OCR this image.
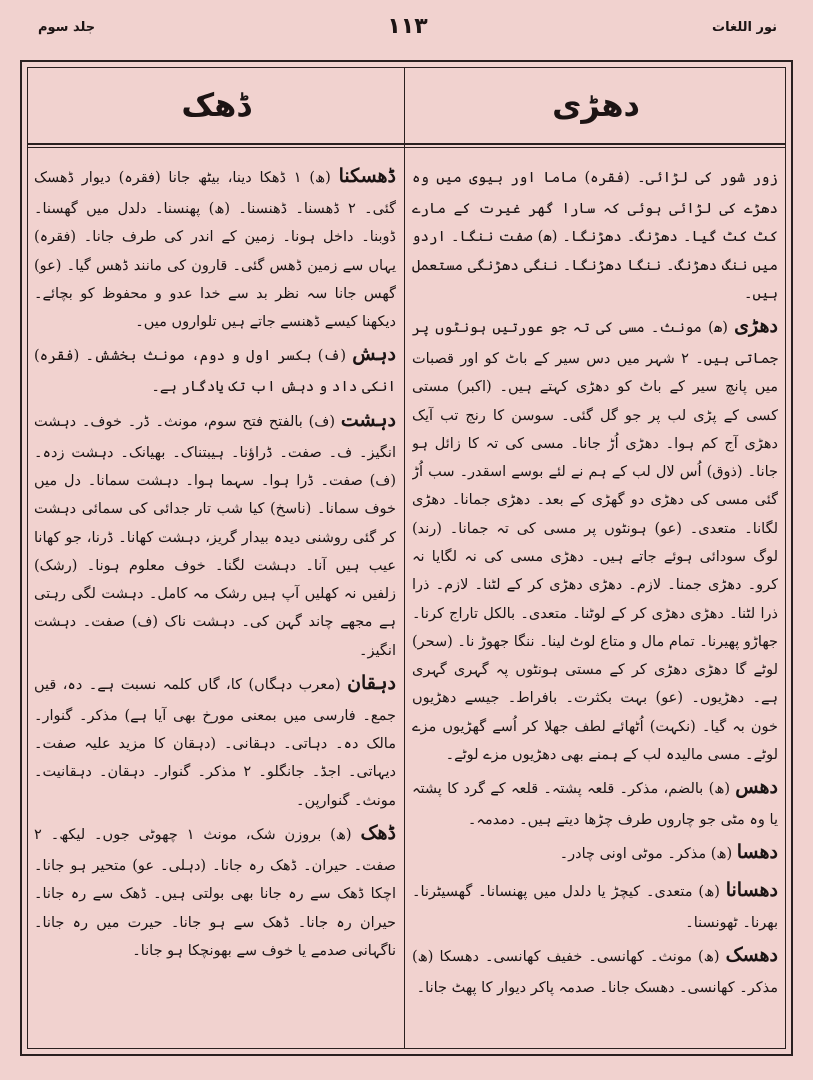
جلد سوم	۱۱۳	نور اللغات
ڈھک	دھڑی

زور شور کی لڑائی۔ (فقرہ) ماما اور بیوی میں وہ دھڑے کی لڑائی ہوئی کہ سارا گھر غیرت کے مارے کٹ کٹ گیا۔ دھڑنگ۔ دھڑنگا۔ (ھ) صفت ننگا۔ اردو میں ننگ دھڑنگ۔ ننگا دھڑنگا۔ ننگی دھڑنگی مستعمل ہیں۔

دھڑی (ھ) مونث۔ مسی کی تہ جو عورتیں ہونٹوں پر جماتی ہیں۔ ۲ شہر میں دس سیر کے باٹ کو اور قصبات میں پانچ سیر کے باٹ کو دھڑی کہتے ہیں۔ (اکبر) مستی کسی کے پڑی لب پر جو گل گئی۔ سوسن کا رنج تب آیک دھڑی آج کم ہوا۔ دھڑی اُڑ جانا۔ مسی کی تہ کا زائل ہو جانا۔ (ذوق) اُس لال لب کے ہم نے لئے بوسے اسقدر۔ سب اُڑ گئی مسی کی دھڑی دو گھڑی کے بعد۔ دھڑی جمانا۔ دھڑی لگانا۔ متعدی۔ (عو) ہونٹوں پر مسی کی تہ جمانا۔ (رند) لوگ سودائی ہوئے جاتے ہیں۔ دھڑی مسی کی نہ لگایا نہ کرو۔ دھڑی جمنا۔ لازم۔ دھڑی دھڑی کر کے لٹنا۔ لازم۔ ذرا ذرا لٹنا۔ دھڑی دھڑی کر کے لوٹنا۔ متعدی۔ بالکل تاراج کرنا۔ جھاڑو پھیرنا۔ تمام مال و متاع لوٹ لینا۔ ننگا جھوڑ نا۔ (سحر) لوٹے گا دھڑی دھڑی کر کے مستی ہونٹوں پہ گہری گہری ہے۔ دھڑیوں۔ (عو) بہت بکثرت۔ بافراط۔ جیسے دھڑیوں خون بہ گیا۔ (نکہت) اُٹھائے لطف جھلا کر اُسے گھڑیوں مزے لوٹے۔ مسی مالیدہ لب کے ہمنے بھی دھڑیوں مزے لوٹے۔

دھس (ھ) بالضم، مذکر۔ قلعہ پشتہ۔ قلعہ کے گرد کا پشتہ یا وہ مٹی جو چاروں طرف چڑھا دیتے ہیں۔ دمدمہ۔

دھسا (ھ) مذکر۔ موٹی اونی چادر۔

دھسانا (ھ) متعدی۔ کیچڑ یا دلدل میں پھنسانا۔ گھسیٹرنا۔ بھرنا۔ ٹھونسنا۔

دھسک (ھ) مونث۔ کھانسی۔ خفیف کھانسی۔ دھسکا (ھ) مذکر۔ کھانسی۔ دھسک جانا۔ صدمہ پاکر دیوار کا پھٹ جانا۔

ڈھسکنا (ھ) ۱ ڈھکا دینا، بیٹھ جانا (فقرہ) دیوار ڈھسک گئی۔ ۲ ڈھسنا۔ ڈھنسنا۔ (ھ) پھنسنا۔ دلدل میں گھسنا۔ ڈوبنا۔ داخل ہونا۔ زمین کے اندر کی طرف جانا۔ (فقرہ) یہاں سے زمین ڈھس گئی۔ قارون کی مانند ڈھس گیا۔ (عو) گھس جانا سہ نظر بد سے خدا عدو و محفوظ کو بچائے۔ دیکھنا کیسے ڈھنسے جاتے ہیں تلواروں میں۔

دہش (ف) بکسر اول و دوم، مونث بخشش۔ (فقرہ) انکی داد و دہش اب تک یادگار ہے۔

دہشت (ف) بالفتح فتح سوم، مونث۔ ڈر۔ خوف۔ دہشت انگیز۔ ف۔ صفت۔ ڈراؤنا۔ ہیبتناک۔ بھیانک۔ دہشت زدہ۔ (ف) صفت۔ ڈرا ہوا۔ سہما ہوا۔ دہشت سمانا۔ دل میں خوف سمانا۔ (ناسخ) کیا شب تار جدائی کی سمائی دہشت کر گئی روشنی دیدہ بیدار گریز، دہشت کھانا۔ ڈرنا، جو کھانا عیب ہیں آنا۔ دہشت لگنا۔ خوف معلوم ہونا۔ (رشک) زلفیں نہ کھلیں آپ ہیں رشک مہ کامل۔ دہشت لگی رہتی ہے مجھے چاند گہن کی۔ دہشت ناک (ف) صفت۔ دہشت انگیز۔

دہقان (معرب دہگاں) کا، گاں کلمہ نسبت ہے۔ دہ، قیں جمع۔ فارسی میں بمعنی مورخ بھی آیا ہے) مذکر۔ گنوار۔ مالک دہ۔ دہاتی۔ دہقانی۔ (دہقان کا مزید علیہ صفت۔ دیہاتی۔ اجڈ۔ جانگلو۔ ۲ مذکر۔ گنوار۔ دہقان۔ دہقانیت۔ مونث۔ گنوارپن۔

ڈھک (ھ) بروزن شک، مونث ۱ چھوٹی جوں۔ لیکھ۔ ۲ صفت۔ حیران۔ ڈھک رہ جانا۔ (دہلی۔ عو) متحیر ہو جانا۔ اچکا ڈھک سے رہ جانا بھی بولتی ہیں۔ ڈھک سے رہ جانا۔ حیران رہ جانا۔ ڈھک سے ہو جانا۔ حیرت میں رہ جانا۔ ناگہانی صدمے یا خوف سے بھونچکا ہو جانا۔
